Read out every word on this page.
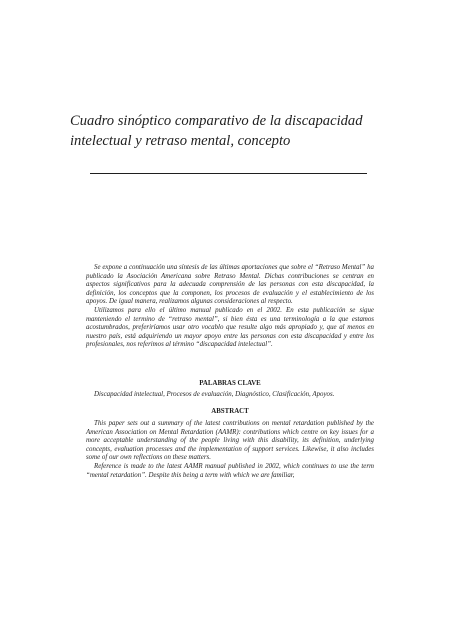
Cuadro sinóptico comparativo de la discapacidad intelectual y retraso mental, concepto

Se expone a continuación una síntesis de las últimas aportaciones que sobre el “Retraso Mental” ha publicado la Asociación Americana sobre Retraso Mental. Dichas contribuciones se centran en aspectos significativos para la adecuada comprensión de las personas con esta discapacidad, la definición, los conceptos que la componen, los procesos de evaluación y el establecimiento de los apoyos. De igual manera, realizamos algunas consideraciones al respecto.

Utilizamos para ello el último manual publicado en el 2002. En esta publicación se sigue manteniendo el termino de “retraso mental”, si bien ésta es una terminología a la que estamos acostumbrados, preferiríamos usar otro vocablo que resulte algo más apropiado y, que al menos en nuestro país, está adquiriendo un mayor apoyo entre las personas con esta discapacidad y entre los profesionales, nos referimos al término “discapacidad intelectual”.

PALABRAS CLAVE

Discapacidad intelectual, Procesos de evaluación, Diagnóstico, Clasificación, Apoyos.

ABSTRACT

This paper sets out a summary of the latest contributions on mental retardation published by the American Association on Mental Retardation (AAMR): contributions which centre on key issues for a more acceptable understanding of the people living with this disability, its definition, underlying concepts, evaluation processes and the implementation of support services. Likewise, it also includes some of our own reflections on these matters.

Reference is made to the latest AAMR manual published in 2002, which continues to use the term “mental retardation”. Despite this being a term with which we are familiar,
